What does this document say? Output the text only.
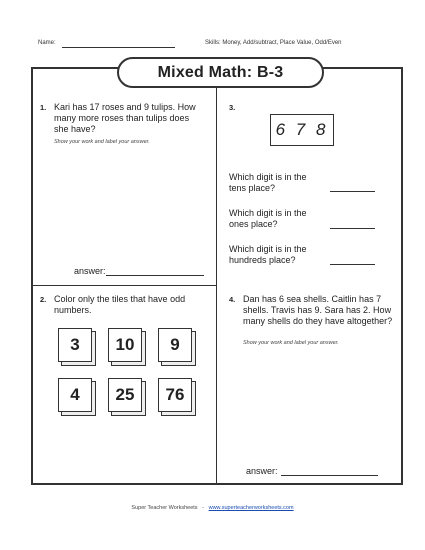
Name:	Skills: Money, Add/subtract, Place Value, Odd/Even
Mixed Math: B-3
1. Kari has 17 roses and 9 tulips. How many more roses than tulips does she have?
Show your work and label your answer.
answer:
2. Color only the tiles that have odd numbers.
3	10	9
4	25	76
3.
6 7 8
Which digit is in the tens place?
Which digit is in the ones place?
Which digit is in the hundreds place?
4. Dan has 6 sea shells. Caitlin has 7 shells. Travis has 9. Sara has 2. How many shells do they have altogether?
Show your work and label your answer.
answer:
Super Teacher Worksheets - www.superteacherworksheets.com
